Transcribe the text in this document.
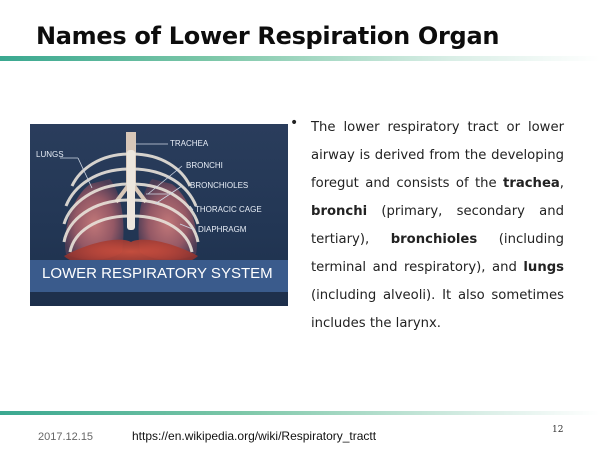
Names of Lower Respiration Organ
LUNGS
TRACHEA
BRONCHI
BRONCHIOLES
THORACIC CAGE
DIAPHRAGM
LOWER RESPIRATORY SYSTEM
• The lower respiratory tract or lower airway is derived from the developing foregut and consists of the trachea, bronchi (primary, secondary and tertiary), bronchioles (including terminal and respiratory), and lungs (including alveoli). It also sometimes includes the larynx.
2017.12.15	https://en.wikipedia.org/wiki/Respiratory_tractt	12
